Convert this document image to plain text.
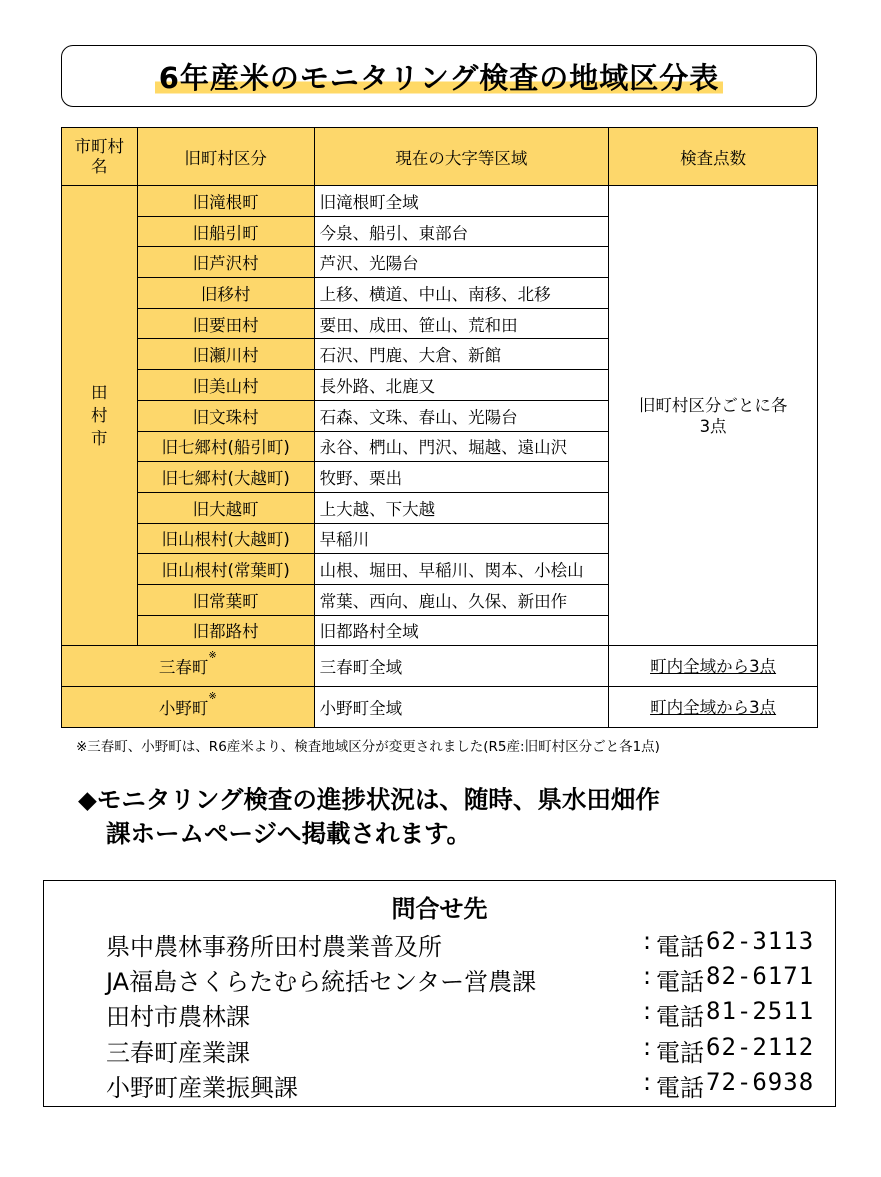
6年産米のモニタリング検査の地域区分表
市町村名	旧町村区分	現在の大字等区域	検査点数
田村市	旧滝根町	旧滝根町全域	旧町村区分ごとに各3点
	旧船引町	今泉、船引、東部台	
	旧芦沢村	芦沢、光陽台	
	旧移村	上移、横道、中山、南移、北移	
	旧要田村	要田、成田、笹山、荒和田	
	旧瀬川村	石沢、門鹿、大倉、新館	
	旧美山村	長外路、北鹿又	
	旧文珠村	石森、文珠、春山、光陽台	
	旧七郷村(船引町)	永谷、椚山、門沢、堀越、遠山沢	
	旧七郷村(大越町)	牧野、栗出	
	旧大越町	上大越、下大越	
	旧山根村(大越町)	早稲川	
	旧山根村(常葉町)	山根、堀田、早稲川、関本、小桧山	
	旧常葉町	常葉、西向、鹿山、久保、新田作	
	旧都路村	旧都路村全域	
三春町※		三春町全域	町内全域から3点
小野町※		小野町全域	町内全域から3点
※三春町、小野町は、R6産米より、検査地域区分が変更されました(R5産:旧町村区分ごと各1点)
◆モニタリング検査の進捗状況は、随時、県水田畑作
課ホームページへ掲載されます。
問合せ先
県中農林事務所田村農業普及所	: 電話 62-3113
JA福島さくらたむら統括センター営農課	: 電話 82-6171
田村市農林課	: 電話 81-2511
三春町産業課	: 電話 62-2112
小野町産業振興課	: 電話 72-6938
